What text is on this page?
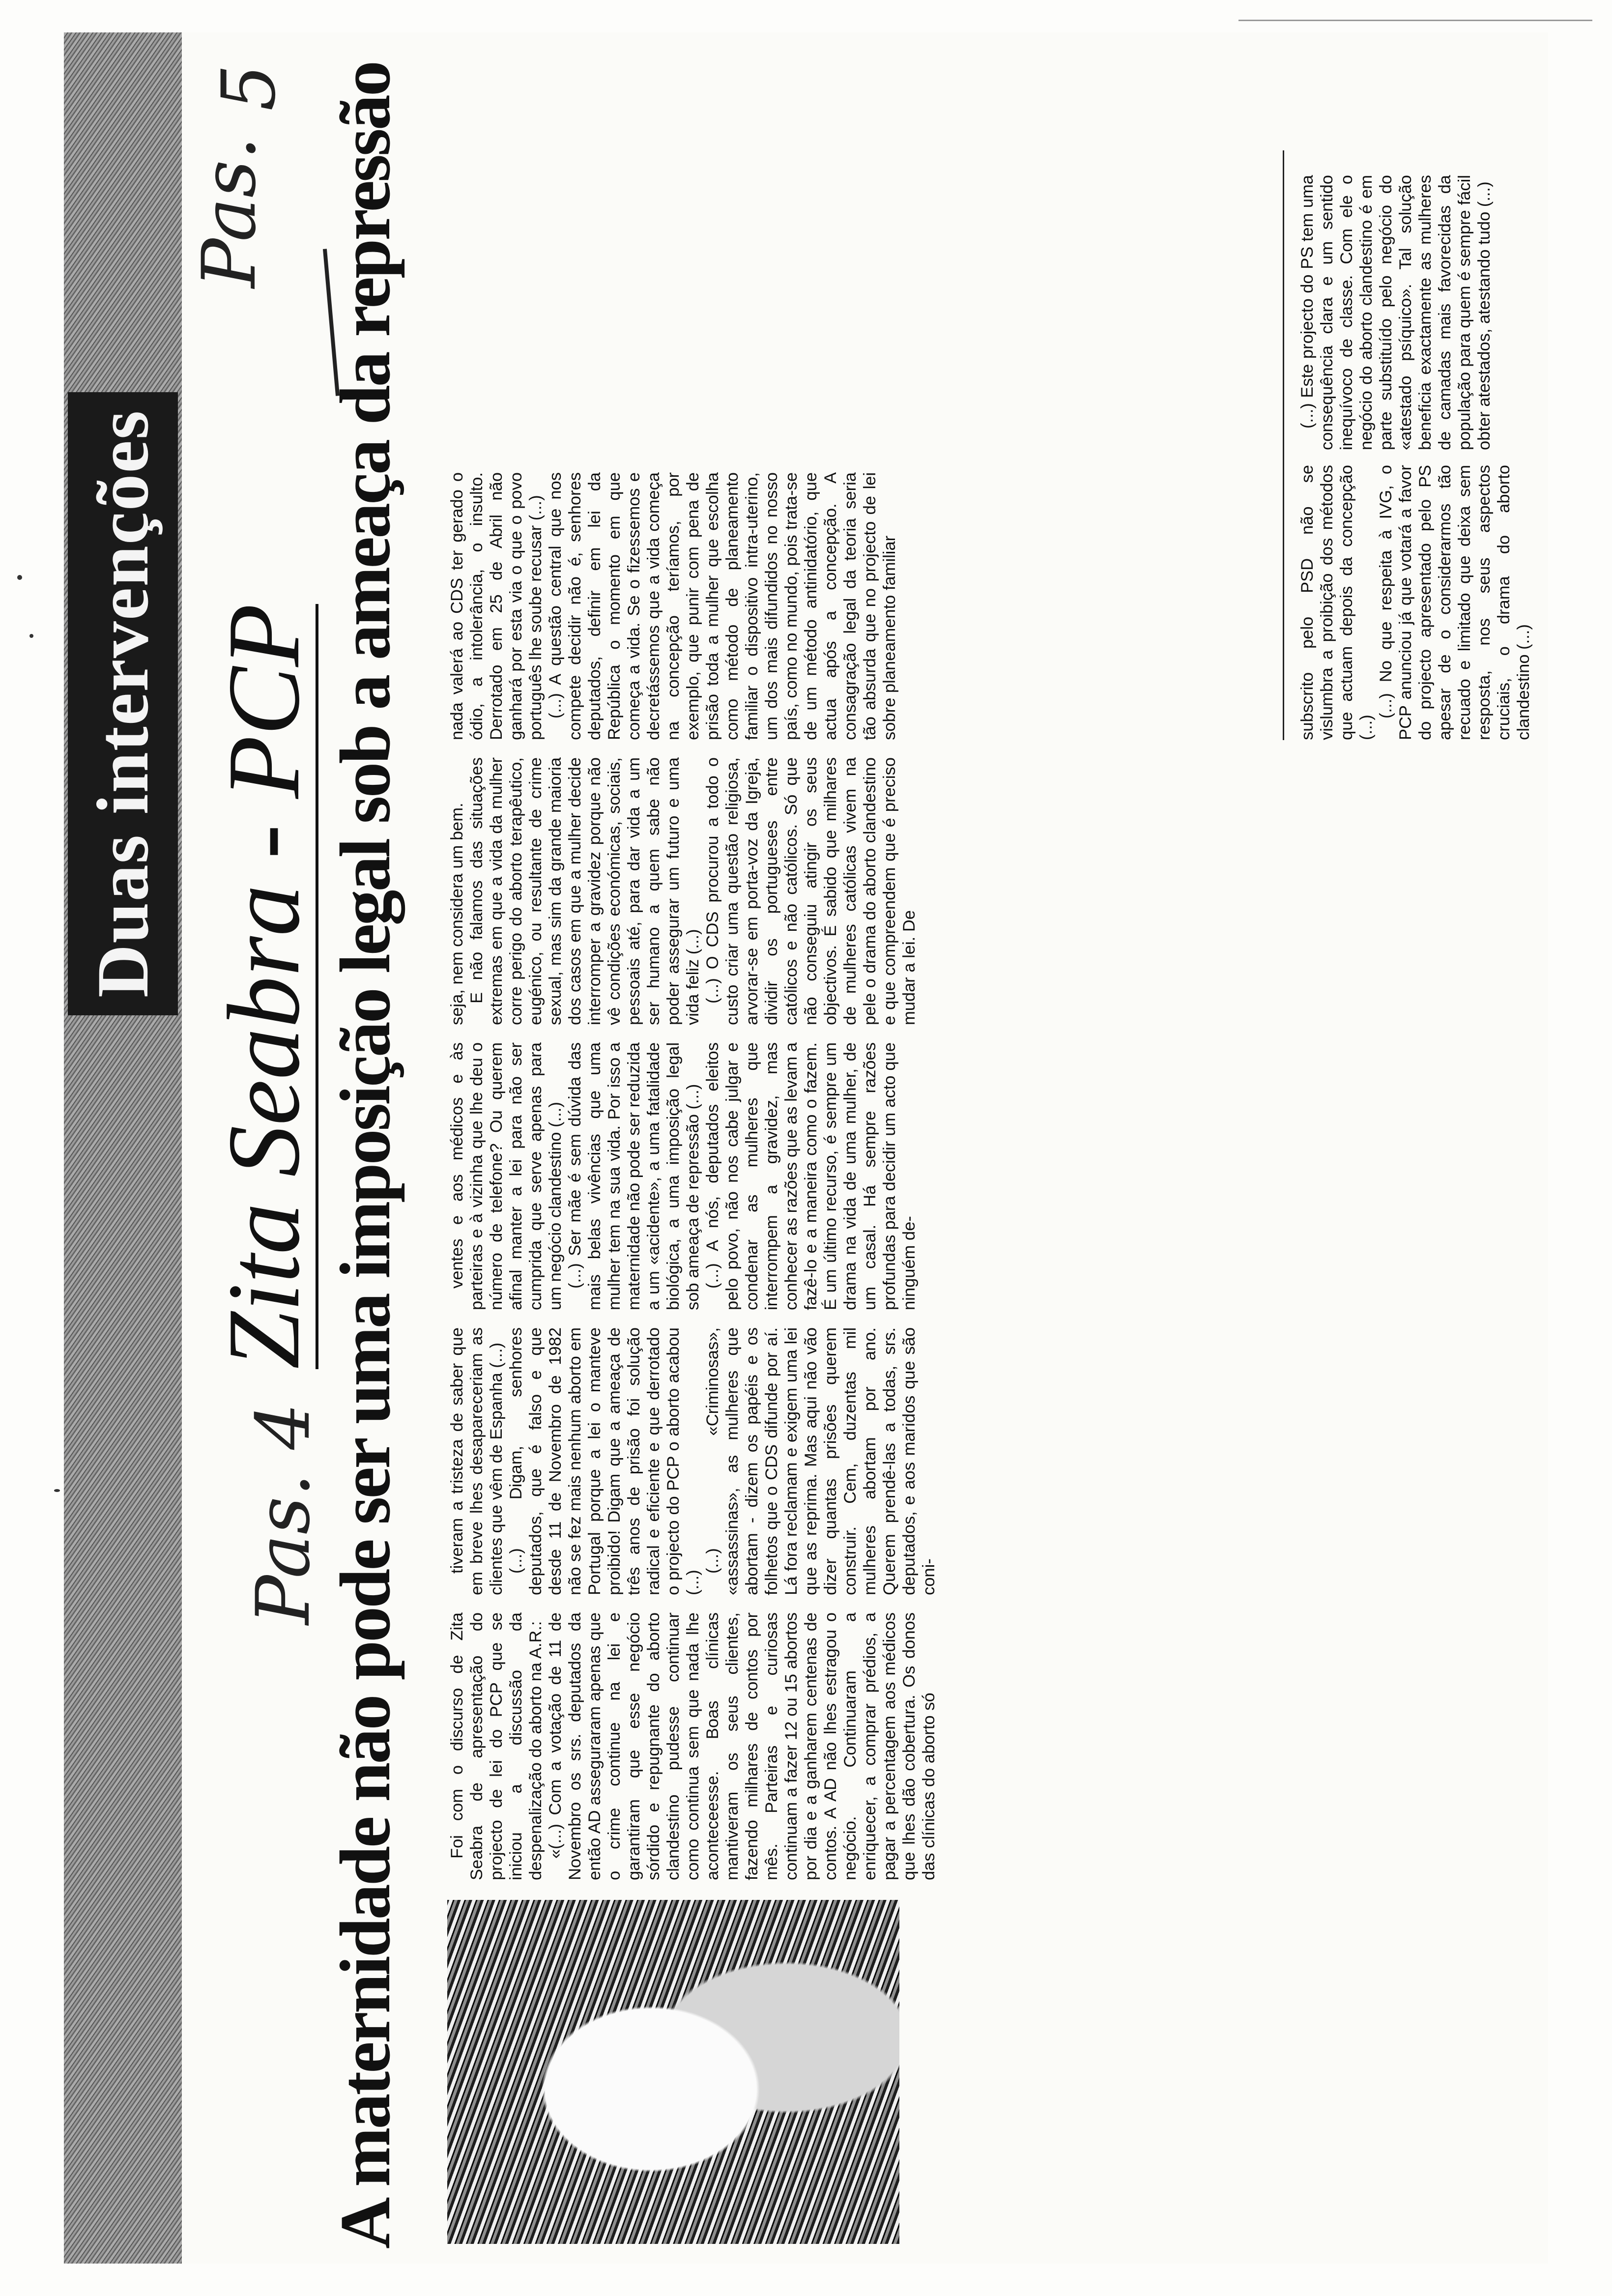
Duas intervenções
Pas. 4
Pas.
5
Zita Seabra - PCP A maternidade não pode ser uma imposição legal sob a ameaça da repressão	Foi com o discurso de Zita Seabra de apresentação do projecto de lei do PCP que se iniciou a discussão da despenalização do aborto na A.R.: «(...) Com a votação de 11 de Novembro os srs. deputados da então AD asseguraram apenas que o crime continue na lei e garantiram que esse negócio sórdido e repugnante do aborto clandestino pudesse continuar como continua sem que nada lhe aconteceesse. Boas clínicas mantiveram os seus clientes, fazendo milhares de contos por mês. Parteiras e curiosas continuam a fazer 12 ou 15 abortos por dia e a ganharem centenas de contos. A AD não lhes estragou o negócio. Continuaram a enriquecer, a comprar prédios, a pagar a percentagem aos médicos que lhes dão cobertura. Os donos das clínicas do aborto só

tiveram a tristeza de saber que em breve lhes desapareceriam as clientes que vêm de Espanha (...) (...) Digam, senhores deputados, que é falso e que desde 11 de Novembro de 1982 não se fez mais nenhum aborto em Portugal porque a lei o manteve proibido! Digam que a ameaça de três anos de prisão foi solução radical e eficiente e que derrotado o projecto do PCP o aborto acabou (...)

(...) «Criminosas», «assassinas», as mulheres que abortam - dizem os papéis e os folhetos que o CDS difunde por aí. Lá fora reclamam e exigem uma lei que as reprima. Mas aqui não vão dizer quantas prisões querem construir. Cem, duzentas mil mulheres abortam por ano. Querem prendê-las a todas, srs. deputados, e aos maridos que são coni-

ventes e aos médicos e às parteiras e à vizinha que lhe deu o número de telefone? Ou querem afinal manter a lei para não ser cumprida que serve apenas para um negócio clandestino (...) (...) Ser mãe é sem dúvida das mais belas vivências que uma mulher tem na sua vida. Por isso a maternidade não pode ser reduzida a um «acidente», a uma fatalidade biológica, a uma imposição legal sob ameaça de repressão (...) (...) A nós, deputados eleitos pelo povo, não nos cabe julgar e condenar as mulheres que interrompem a gravidez, mas conhecer as razões que as levam a fazê-lo e a maneira como o fazem. É um último recurso, é sempre um drama na vida de uma mulher, de um casal. Há sempre razões profundas para decidir um acto que ninguém de-

seja, nem considera um bem. E não falamos das situações extremas em que a vida da mulher corre perigo do aborto terapêutico, eugénico, ou resultante de crime sexual, mas sim da grande maioria dos casos em que a mulher decide interromper a gravidez porque não vê condições económicas, sociais, pessoais até, para dar vida a um ser humano a quem sabe não poder assegurar um futuro e uma vida feliz (...) (...) O CDS procurou a todo o custo criar uma questão religiosa, arvorar-se em porta-voz da Igreja, dividir os portugueses entre católicos e não católicos. Só que não conseguiu atingir os seus objectivos. É sabido que milhares de mulheres católicas vivem na pele o drama do aborto clandestino e que compreendem que é preciso mudar a lei. De

nada valerá ao CDS ter gerado o ódio, a intolerância, o insulto. Derrotado em 25 de Abril não ganhará por esta via o que o povo português lhe soube recusar (...) (...) A questão central que nos compete decidir não é, senhores deputados, definir em lei da República o momento em que começa a vida. Se o fizessemos e decretássemos que a vida começa na concepção teríamos, por exemplo, que punir com pena de prisão toda a mulher que escolha como método de planeamento familiar o dispositivo intra-uterino, um dos mais difundidos no nosso país, como no mundo, pois trata-se de um método antinidatório, que actua após a concepção. A consagração legal da teoria seria tão absurda que no projecto de lei sobre planeamento familiar	subscrito pelo PSD não se vislumbra a proibição dos métodos que actuam depois da concepção (...)

(...) No que respeita à IVG, o PCP anunciou já que votará a favor do projecto apresentado pelo PS apesar de o considerarmos tão recuado e limitado que deixa sem resposta, nos seus aspectos cruciais, o drama do aborto clandestino (...)

(...) Este projecto do PS tem uma consequência clara e um sentido inequívoco de classe. Com ele o negócio do aborto clandestino é em parte substituído pelo negócio do «atestado psíquico». Tal solução beneficia exactamente as mulheres de camadas mais favorecidas da população para quem é sempre fácil obter atestados, atestando tudo (...)
